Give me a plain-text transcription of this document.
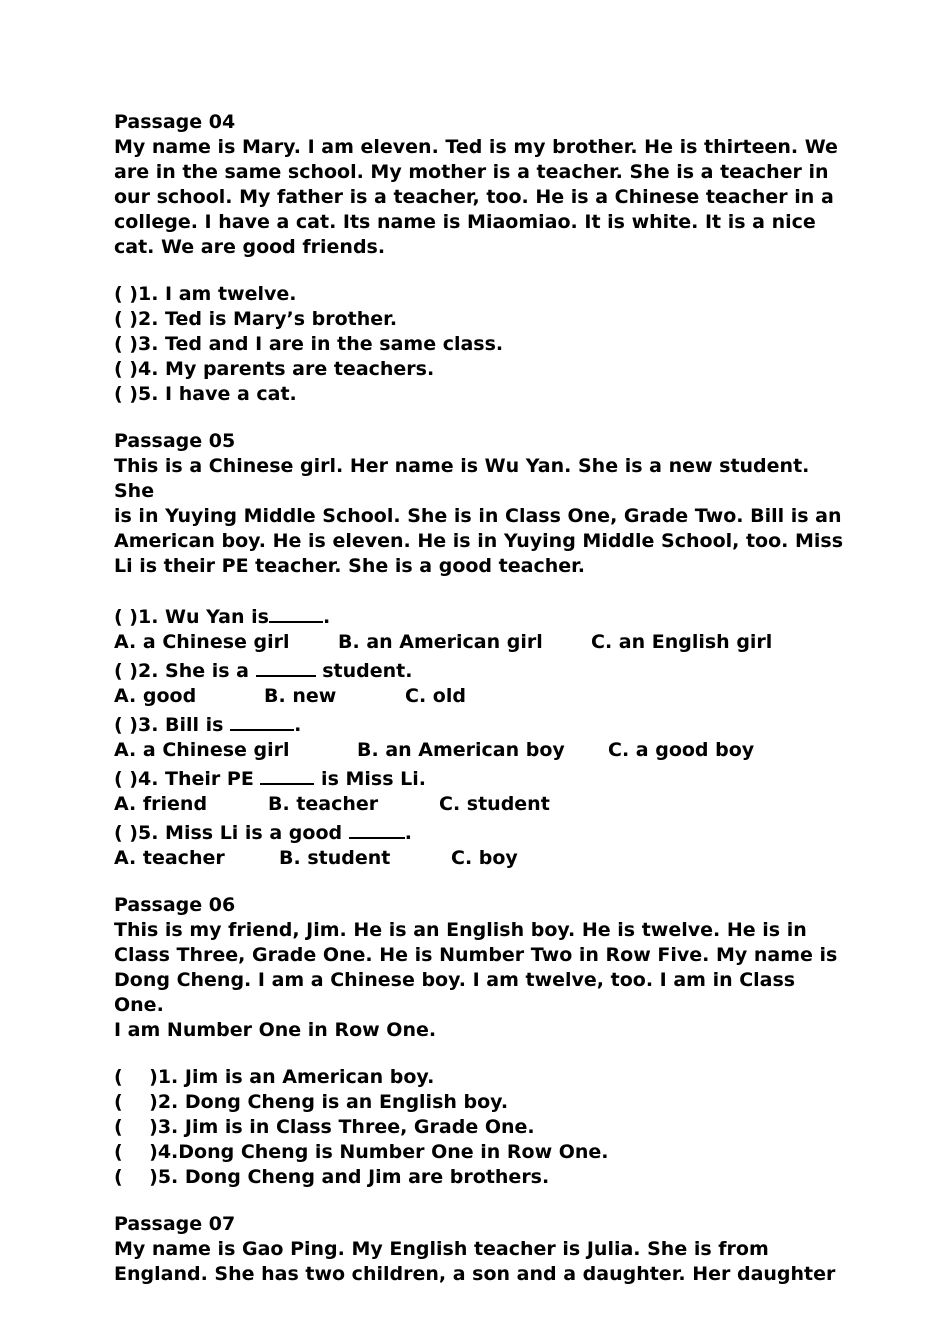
Passage 04

My name is Mary. I am eleven. Ted is my brother. He is thirteen. We
are in the same school. My mother is a teacher. She is a teacher in
our school. My father is a teacher, too. He is a Chinese teacher in a
college. I have a cat. Its name is Miaomiao. It is white. It is a nice
cat. We are good friends.

( )1. I am twelve.

( )2. Ted is Mary’s brother.

( )3. Ted and I are in the same class.

( )4. My parents are teachers.

( )5. I have a cat.

Passage 05

This is a Chinese girl. Her name is Wu Yan. She is a new student. She
is in Yuying Middle School. She is in Class One, Grade Two. Bill is an
American boy. He is eleven. He is in Yuying Middle School, too. Miss
Li is their PE teacher. She is a good teacher.

( )1. Wu Yan is	.

A. a Chinese girl

	B. an American girl

	C. an English girl

( )2. She is a	student.

A. good

	B. new

	C. old

( )3. Bill is	.

A. a Chinese girl

	B. an American boy

C. a good boy

( )4. Their PE	is Miss Li.

A. friend

	B. teacher

	C. student

( )5. Miss Li is a good	.

A. teacher

	B. student

	C. boy

Passage 06

This is my friend, Jim. He is an English boy. He is twelve. He is in
Class Three, Grade One. He is Number Two in Row Five. My name is
Dong Cheng. I am a Chinese boy. I am twelve, too. I am in Class One.
I am Number One in Row One.

(    )1. Jim is an American boy.

(    )2. Dong Cheng is an English boy.

(    )3. Jim is in Class Three, Grade One.

(    )4.Dong Cheng is Number One in Row One.

(    )5. Dong Cheng and Jim are brothers.

Passage 07

My name is Gao Ping. My English teacher is Julia. She is from
England. She has two children, a son and a daughter. Her daughter
